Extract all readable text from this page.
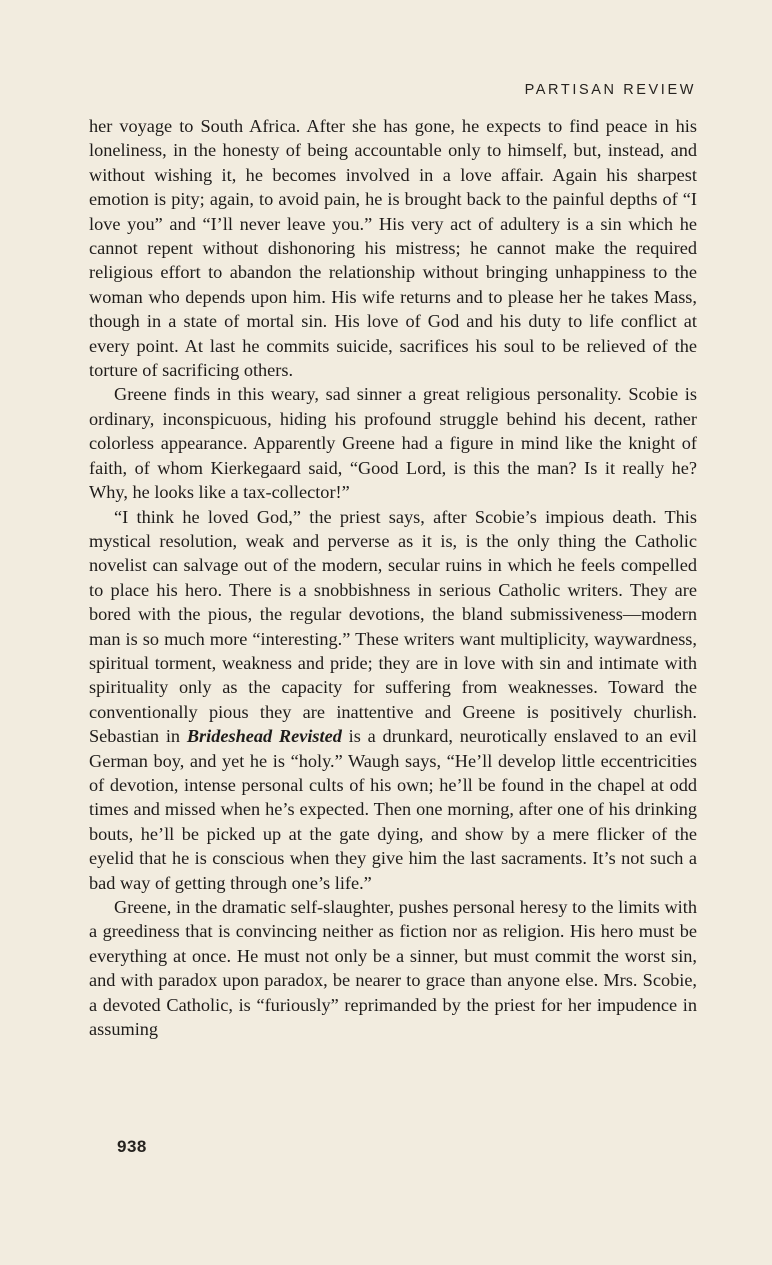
PARTISAN REVIEW

her voyage to South Africa. After she has gone, he expects to find peace in his loneliness, in the honesty of being accountable only to himself, but, instead, and without wishing it, he becomes involved in a love affair. Again his sharpest emotion is pity; again, to avoid pain, he is brought back to the painful depths of “I love you” and “I’ll never leave you.” His very act of adultery is a sin which he cannot repent without dishonoring his mistress; he cannot make the required religious effort to abandon the relationship without bringing unhappiness to the woman who depends upon him. His wife returns and to please her he takes Mass, though in a state of mortal sin. His love of God and his duty to life conflict at every point. At last he commits suicide, sacrifices his soul to be relieved of the torture of sacrificing others.

Greene finds in this weary, sad sinner a great religious personality. Scobie is ordinary, inconspicuous, hiding his profound struggle behind his decent, rather colorless appearance. Apparently Greene had a figure in mind like the knight of faith, of whom Kierkegaard said, “Good Lord, is this the man? Is it really he? Why, he looks like a tax-collector!”

“I think he loved God,” the priest says, after Scobie’s impious death. This mystical resolution, weak and perverse as it is, is the only thing the Catholic novelist can salvage out of the modern, secular ruins in which he feels compelled to place his hero. There is a snobbishness in serious Catholic writers. They are bored with the pious, the regular devotions, the bland submissiveness—modern man is so much more “interesting.” These writers want multiplicity, waywardness, spiritual torment, weakness and pride; they are in love with sin and intimate with spirituality only as the capacity for suffering from weaknesses. Toward the conventionally pious they are inattentive and Greene is positively churlish. Sebastian in Brideshead Revisted is a drunkard, neurotically enslaved to an evil German boy, and yet he is “holy.” Waugh says, “He’ll develop little eccentricities of devotion, intense personal cults of his own; he’ll be found in the chapel at odd times and missed when he’s expected. Then one morning, after one of his drinking bouts, he’ll be picked up at the gate dying, and show by a mere flicker of the eyelid that he is conscious when they give him the last sacraments. It’s not such a bad way of getting through one’s life.”

Greene, in the dramatic self-slaughter, pushes personal heresy to the limits with a greediness that is convincing neither as fiction nor as religion. His hero must be everything at once. He must not only be a sinner, but must commit the worst sin, and with paradox upon paradox, be nearer to grace than anyone else. Mrs. Scobie, a devoted Catholic, is “furiously” reprimanded by the priest for her impudence in assuming

938
